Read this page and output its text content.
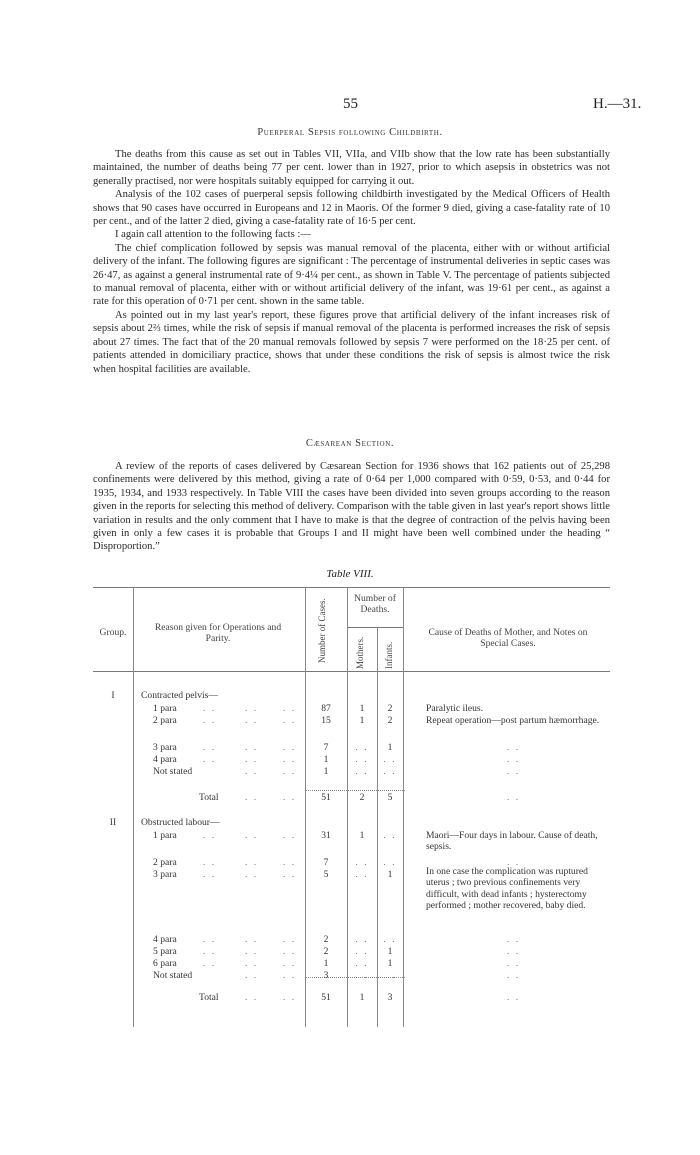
55	H.—31.
Puerperal Sepsis following Childbirth.

The deaths from this cause as set out in Tables VII, VIIa, and VIIb show that the low rate has been substantially maintained, the number of deaths being 77 per cent. lower than in 1927, prior to which asepsis in obstetrics was not generally practised, nor were hospitals suitably equipped for carrying it out.

Analysis of the 102 cases of puerperal sepsis following childbirth investigated by the Medical Officers of Health shows that 90 cases have occurred in Europeans and 12 in Maoris. Of the former 9 died, giving a case-fatality rate of 10 per cent., and of the latter 2 died, giving a case-fatality rate of 16·5 per cent.

I again call attention to the following facts :—

The chief complication followed by sepsis was manual removal of the placenta, either with or without artificial delivery of the infant. The following figures are significant : The percentage of instrumental deliveries in septic cases was 26·47, as against a general instrumental rate of 9·4¼ per cent., as shown in Table V. The percentage of patients subjected to manual removal of placenta, either with or without artificial delivery of the infant, was 19·61 per cent., as against a rate for this operation of 0·71 per cent. shown in the same table.

As pointed out in my last year's report, these figures prove that artificial delivery of the infant increases risk of sepsis about 2⅔ times, while the risk of sepsis if manual removal of the placenta is performed increases the risk of sepsis about 27 times. The fact that of the 20 manual removals followed by sepsis 7 were performed on the 18·25 per cent. of patients attended in domiciliary practice, shows that under these conditions the risk of sepsis is almost twice the risk when hospital facilities are available.

Cæsarean Section.

A review of the reports of cases delivered by Cæsarean Section for 1936 shows that 162 patients out of 25,298 confinements were delivered by this method, giving a rate of 0·64 per 1,000 compared with 0·59, 0·53, and 0·44 for 1935, 1934, and 1933 respectively. In Table VIII the cases have been divided into seven groups according to the reason given in the reports for selecting this method of delivery. Comparison with the table given in last year's report shows little variation in results and the only comment that I have to make is that the degree of contraction of the pelvis having been given in only a few cases it is probable that Groups I and II might have been well combined under the heading “ Disproportion.”

Table VIII.
Group.	Reason given for Operations and Parity.	Number of Cases.
Number of Deaths.
Mothers. Infants.
Cause of Deaths of Mother, and Notes on Special Cases.
I	Contracted pelvis—
1 para	. .	. .	. .	87	1	2	Paralytic ileus.
2 para	. .	. .	. .	15	1	2	Repeat operation—post partum hæmorrhage.
3 para	. .	. .	. .	7	. .	1	. .
4 para	. .	. .	. .	1	. .	. .	. .
Not stated	. .	. .	1	. .	. .	. .
Total	. .	. .	51	2	5	. .
II	Obstructed labour—
1 para	. .	. .	. .	31	1	. .	Maori—Four days in labour. Cause of death, sepsis.
2 para	. .	. .	. .	7	. .	. .	. .
3 para	. .	. .	. .	5	. .	1	In one case the complication was ruptured uterus ; two previous confinements very difficult, with dead infants ; hysterectomy performed ; mother recovered, baby died.
4 para	. .	. .	. .	2	. .	. .	. .
5 para	. .	. .	. .	2	. .	1	. .
6 para	. .	. .	. .	1	. .	1	. .
Not stated	. .	. .	3	. .	. .	. .
Total	. .	. .	51	1	3	. .
